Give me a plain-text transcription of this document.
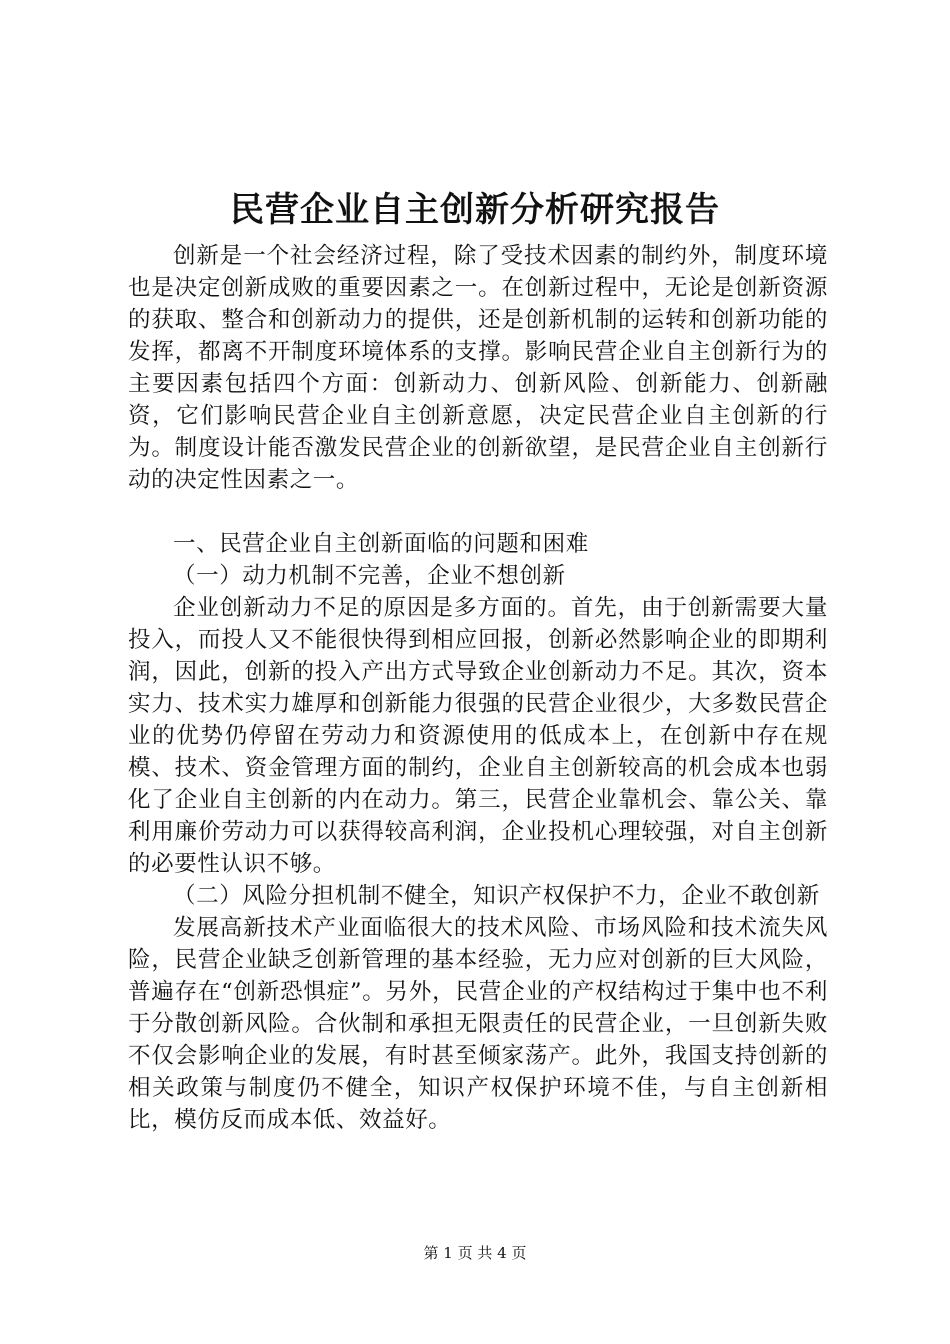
民营企业自主创新分析研究报告

创新是一个社会经济过程，除了受技术因素的制约外，制度环境也是决定创新成败的重要因素之一。在创新过程中，无论是创新资源的获取、整合和创新动力的提供，还是创新机制的运转和创新功能的发挥，都离不开制度环境体系的支撑。影响民营企业自主创新行为的主要因素包括四个方面：创新动力、创新风险、创新能力、创新融资，它们影响民营企业自主创新意愿，决定民营企业自主创新的行为。制度设计能否激发民营企业的创新欲望，是民营企业自主创新行动的决定性因素之一。

一、民营企业自主创新面临的问题和困难

（一）动力机制不完善，企业不想创新

企业创新动力不足的原因是多方面的。首先，由于创新需要大量投入，而投人又不能很快得到相应回报，创新必然影响企业的即期利润，因此，创新的投入产出方式导致企业创新动力不足。其次，资本实力、技术实力雄厚和创新能力很强的民营企业很少，大多数民营企业的优势仍停留在劳动力和资源使用的低成本上，在创新中存在规模、技术、资金管理方面的制约，企业自主创新较高的机会成本也弱化了企业自主创新的内在动力。第三，民营企业靠机会、靠公关、靠利用廉价劳动力可以获得较高利润，企业投机心理较强，对自主创新的必要性认识不够。

（二）风险分担机制不健全，知识产权保护不力，企业不敢创新

发展高新技术产业面临很大的技术风险、市场风险和技术流失风险，民营企业缺乏创新管理的基本经验，无力应对创新的巨大风险，普遍存在“创新恐惧症”。另外，民营企业的产权结构过于集中也不利于分散创新风险。合伙制和承担无限责任的民营企业，一旦创新失败不仅会影响企业的发展，有时甚至倾家荡产。此外，我国支持创新的相关政策与制度仍不健全，知识产权保护环境不佳，与自主创新相比，模仿反而成本低、效益好。

第 1 页 共 4 页
